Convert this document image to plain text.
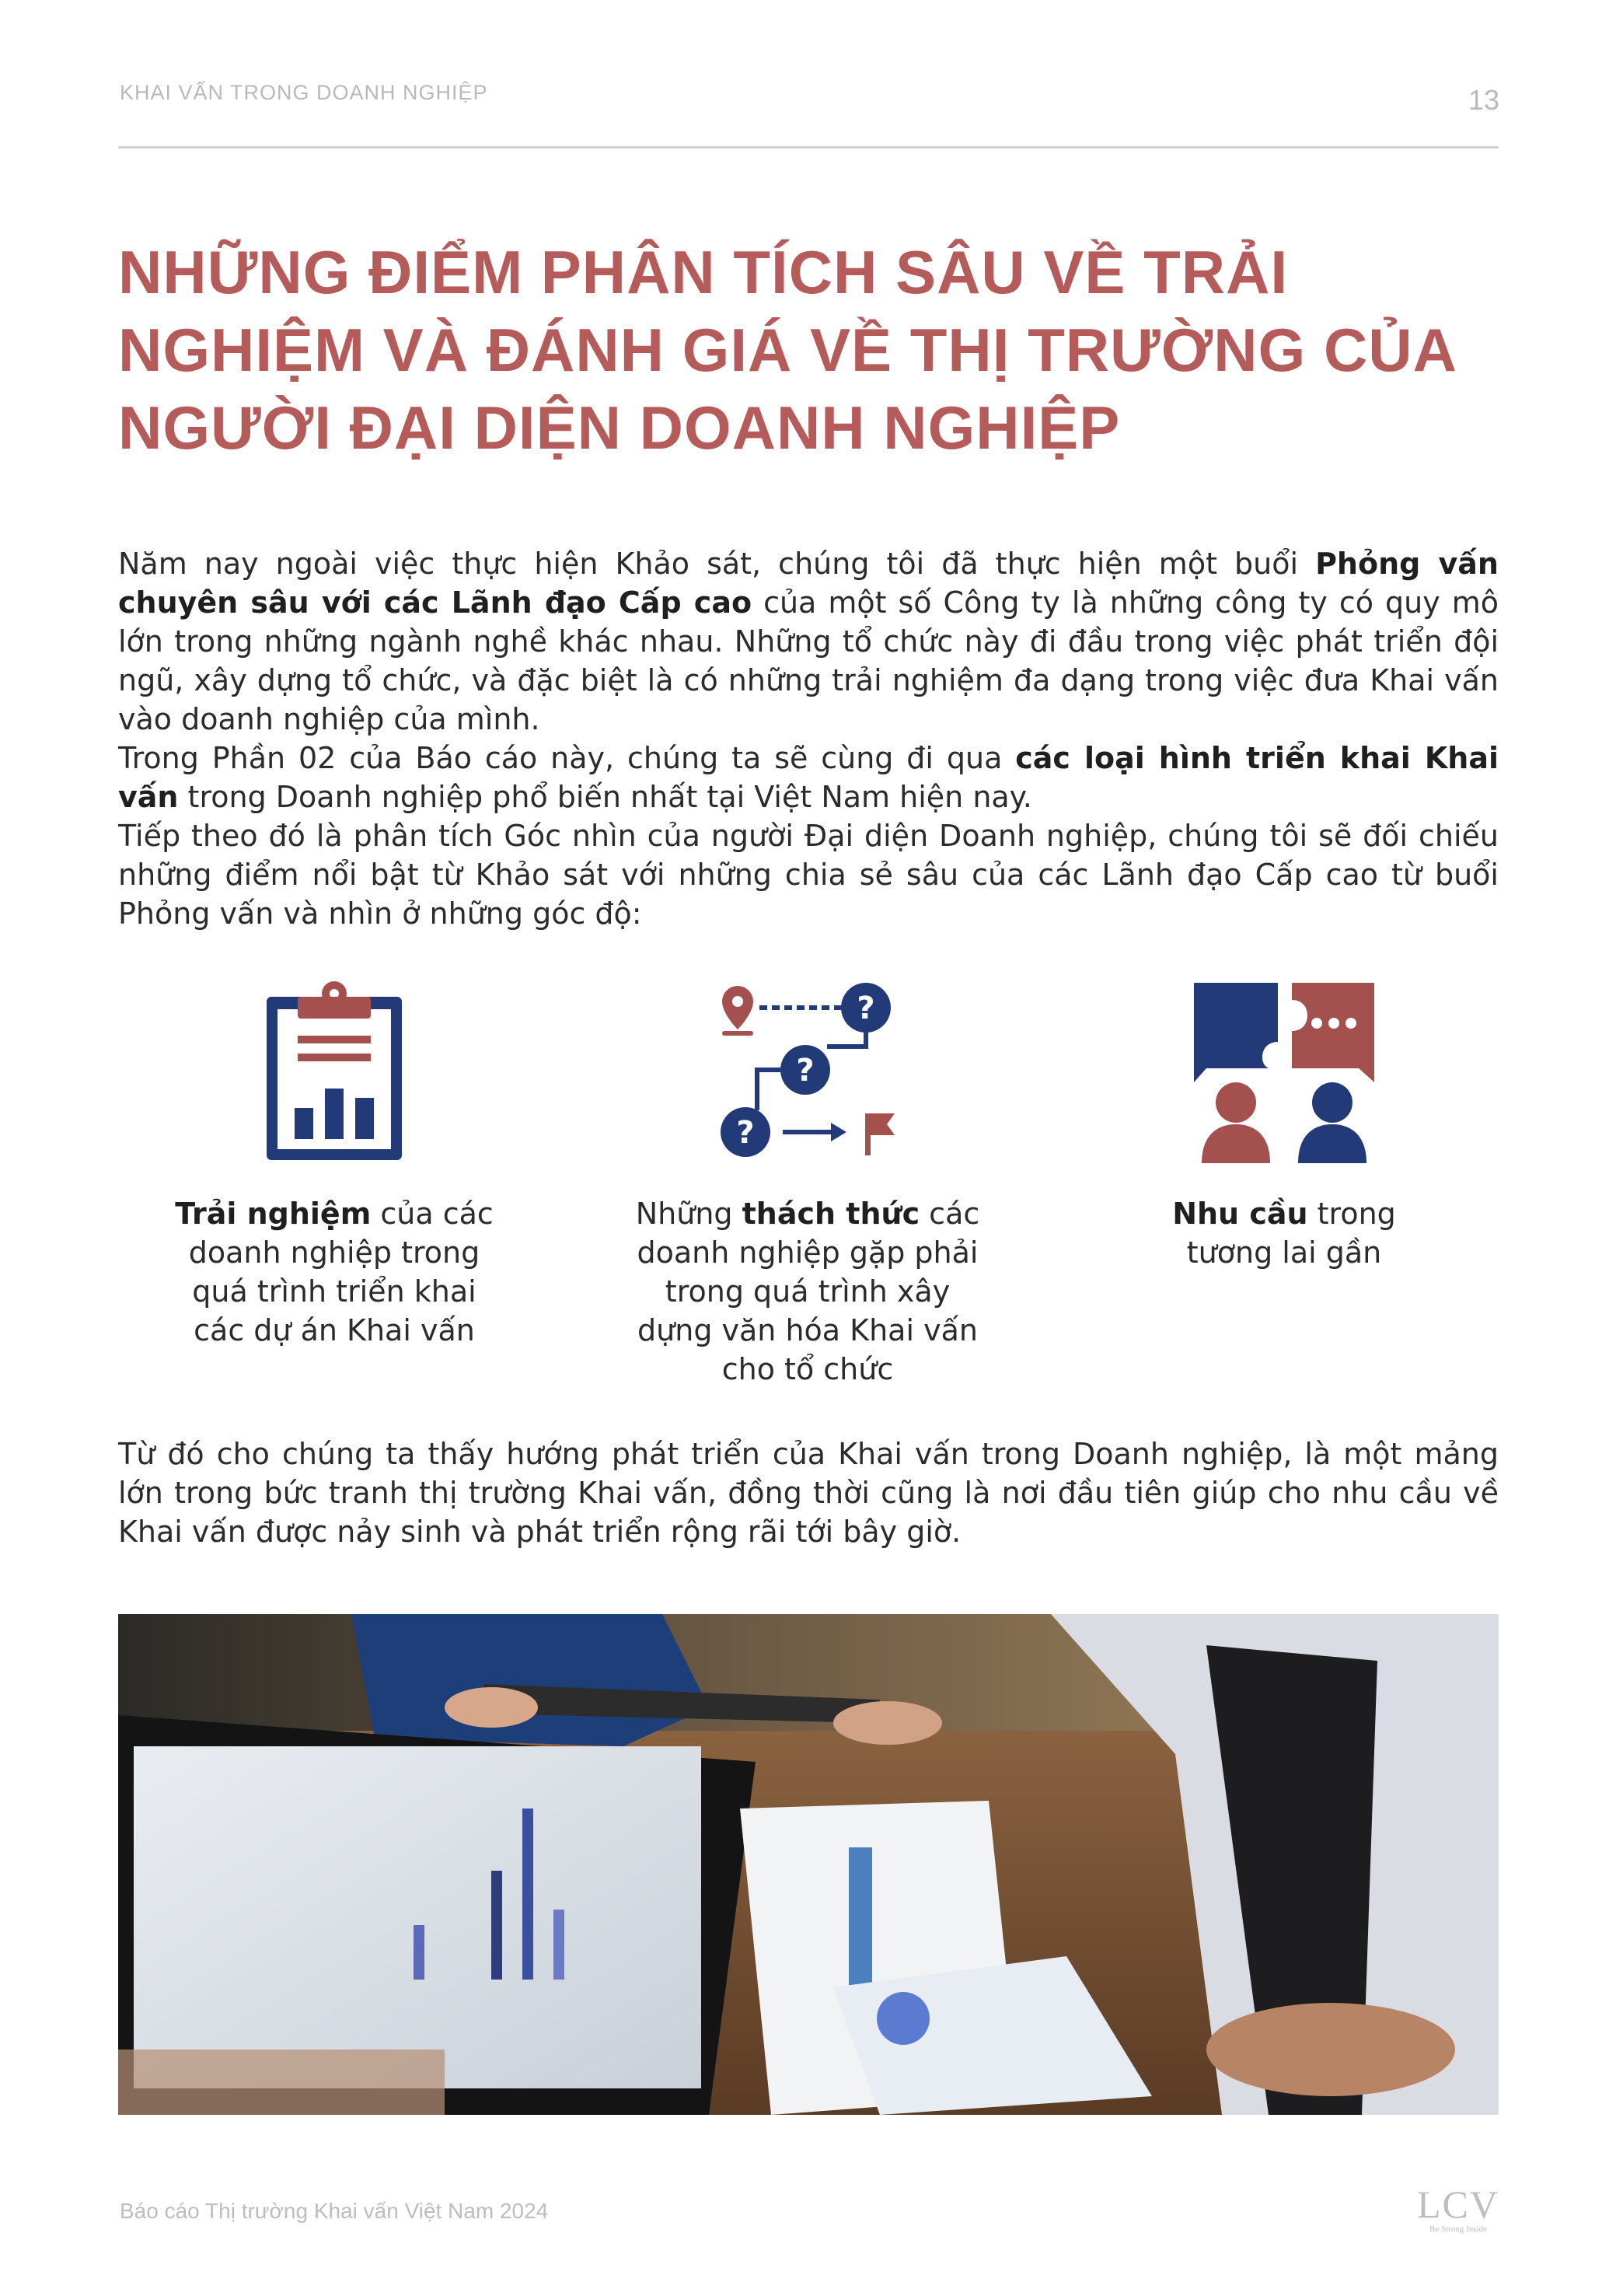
KHAI VẤN TRONG DOANH NGHIỆP	13
NHỮNG ĐIỂM PHÂN TÍCH SÂU VỀ TRẢI NGHIỆM VÀ ĐÁNH GIÁ VỀ THỊ TRƯỜNG CỦA NGƯỜI ĐẠI DIỆN DOANH NGHIỆP

Năm nay ngoài việc thực hiện Khảo sát, chúng tôi đã thực hiện một buổi Phỏng vấn chuyên sâu với các Lãnh đạo Cấp cao của một số Công ty là những công ty có quy mô lớn trong những ngành nghề khác nhau. Những tổ chức này đi đầu trong việc phát triển đội ngũ, xây dựng tổ chức, và đặc biệt là có những trải nghiệm đa dạng trong việc đưa Khai vấn vào doanh nghiệp của mình.

Trong Phần 02 của Báo cáo này, chúng ta sẽ cùng đi qua các loại hình triển khai Khai vấn trong Doanh nghiệp phổ biến nhất tại Việt Nam hiện nay.

Tiếp theo đó là phân tích Góc nhìn của người Đại diện Doanh nghiệp, chúng tôi sẽ đối chiếu những điểm nổi bật từ Khảo sát với những chia sẻ sâu của các Lãnh đạo Cấp cao từ buổi Phỏng vấn và nhìn ở những góc độ:

Trải nghiệm của các
doanh nghiệp trong
quá trình triển khai
các dự án Khai vấn
?
?
?
Những thách thức các
doanh nghiệp gặp phải
trong quá trình xây
dựng văn hóa Khai vấn
cho tổ chức
Nhu cầu trong
tương lai gần

Từ đó cho chúng ta thấy hướng phát triển của Khai vấn trong Doanh nghiệp, là một mảng lớn trong bức tranh thị trường Khai vấn, đồng thời cũng là nơi đầu tiên giúp cho nhu cầu về Khai vấn được nảy sinh và phát triển rộng rãi tới bây giờ.

Báo cáo Thị trường Khai vấn Việt Nam 2024	LCV
Be Strong Inside
